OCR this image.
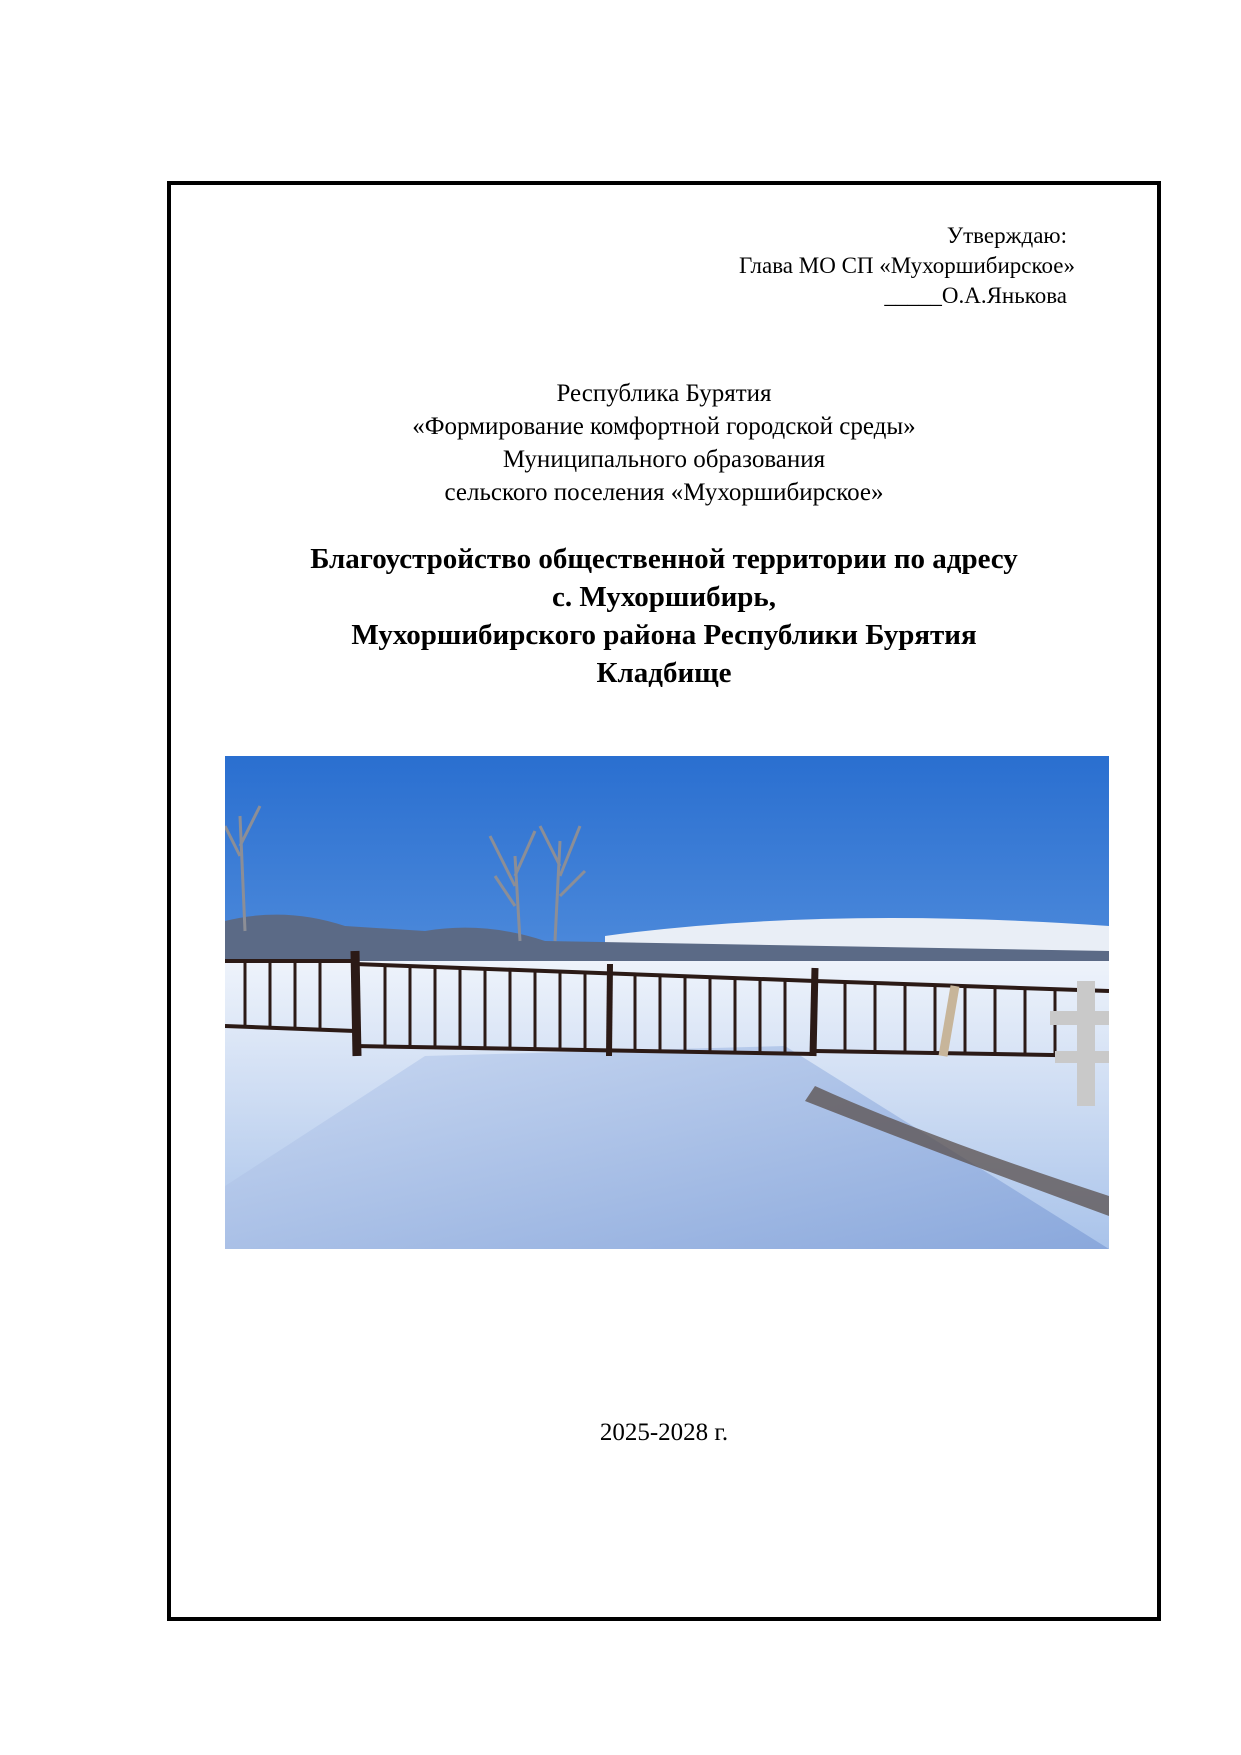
Утверждаю:
Глава МО СП «Мухоршибирское»
_____О.А.Янькова
Республика Бурятия
«Формирование комфортной городской среды»
Муниципального образования
сельского поселения «Мухоршибирское»
Благоустройство общественной территории по адресу
с. Мухоршибирь,
Мухоршибирского района Республики Бурятия
Кладбище
2025-2028 г.
